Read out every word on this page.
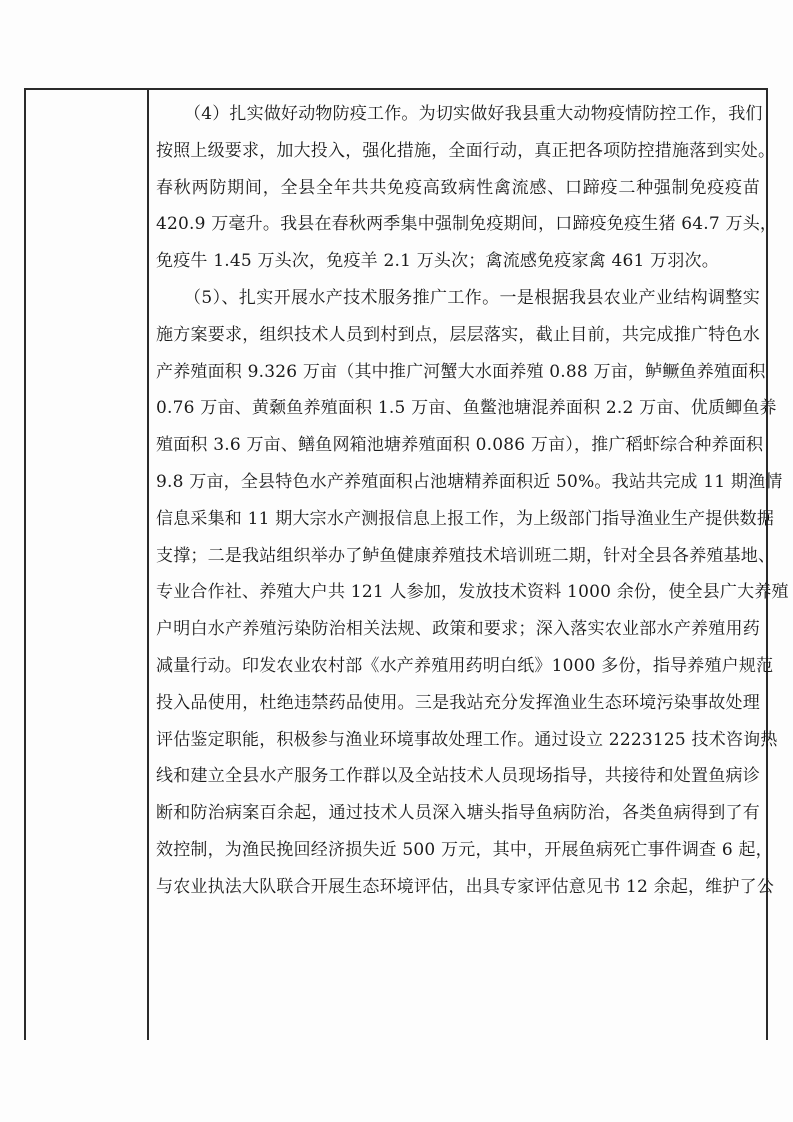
（4）扎实做好动物防疫工作。为切实做好我县重大动物疫情防控工作，我们
按照上级要求，加大投入，强化措施，全面行动，真正把各项防控措施落到实处。
春秋两防期间，全县全年共共免疫高致病性禽流感、口蹄疫二种强制免疫疫苗
420.9 万毫升。我县在春秋两季集中强制免疫期间，口蹄疫免疫生猪 64.7 万头，
免疫牛 1.45 万头次，免疫羊 2.1 万头次；禽流感免疫家禽 461 万羽次。
（5）、扎实开展水产技术服务推广工作。一是根据我县农业产业结构调整实
施方案要求，组织技术人员到村到点，层层落实，截止目前，共完成推广特色水
产养殖面积 9.326 万亩（其中推广河蟹大水面养殖 0.88 万亩，鲈鳜鱼养殖面积
0.76 万亩、黄颡鱼养殖面积 1.5 万亩、鱼鳖池塘混养面积 2.2 万亩、优质鲫鱼养
殖面积 3.6 万亩、鳝鱼网箱池塘养殖面积 0.086 万亩），推广稻虾综合种养面积
9.8 万亩，全县特色水产养殖面积占池塘精养面积近 50%。我站共完成 11 期渔情
信息采集和 11 期大宗水产测报信息上报工作，为上级部门指导渔业生产提供数据
支撑；二是我站组织举办了鲈鱼健康养殖技术培训班二期，针对全县各养殖基地、
专业合作社、养殖大户共 121 人参加，发放技术资料 1000 余份，使全县广大养殖
户明白水产养殖污染防治相关法规、政策和要求；深入落实农业部水产养殖用药
减量行动。印发农业农村部《水产养殖用药明白纸》1000 多份，指导养殖户规范
投入品使用，杜绝违禁药品使用。三是我站充分发挥渔业生态环境污染事故处理
评估鉴定职能，积极参与渔业环境事故处理工作。通过设立 2223125 技术咨询热
线和建立全县水产服务工作群以及全站技术人员现场指导，共接待和处置鱼病诊
断和防治病案百余起，通过技术人员深入塘头指导鱼病防治，各类鱼病得到了有
效控制，为渔民挽回经济损失近 500 万元，其中，开展鱼病死亡事件调查 6 起，
与农业执法大队联合开展生态环境评估，出具专家评估意见书 12 余起，维护了公
